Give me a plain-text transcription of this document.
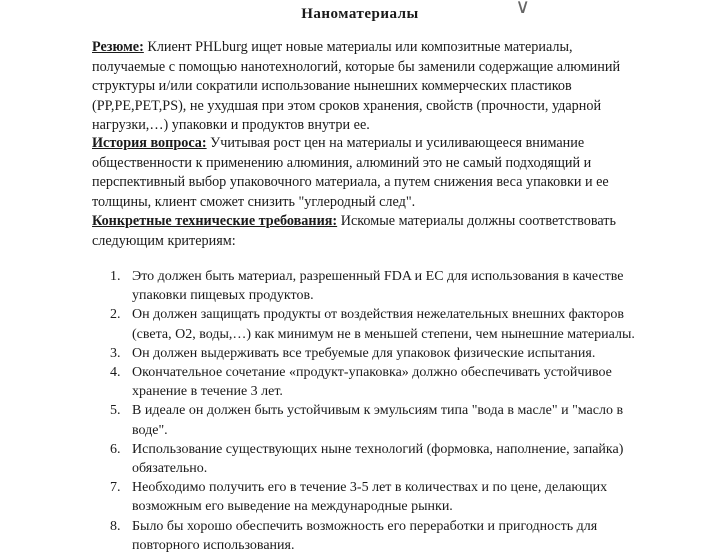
∨
Наноматериалы
Резюме: Клиент PHLburg ищет новые материалы или композитные материалы, получаемые с помощью нанотехнологий, которые бы заменили содержащие алюминий структуры и/или сократили использование нынешних коммерческих пластиков (PP,PE,PET,PS), не ухудшая при этом сроков хранения, свойств (прочности, ударной нагрузки,…) упаковки и продуктов внутри ее.
История вопроса: Учитывая рост цен на материалы и усиливающееся внимание общественности к применению алюминия, алюминий это не самый подходящий и перспективный выбор упаковочного материала, а путем снижения веса упаковки и ее толщины, клиент сможет снизить "углеродный след".
Конкретные технические требования: Искомые материалы должны соответствовать следующим критериям:
1. Это должен быть материал, разрешенный FDA и ЕС для использования в качестве упаковки пищевых продуктов.
2. Он должен защищать продукты от воздействия нежелательных внешних факторов (света, O2, воды,…) как минимум не в меньшей степени, чем нынешние материалы.
3. Он должен выдерживать все требуемые для упаковок физические испытания.
4. Окончательное сочетание «продукт-упаковка» должно обеспечивать устойчивое хранение в течение 3 лет.
5. В идеале он должен быть устойчивым к эмульсиям типа "вода в масле" и "масло в воде".
6. Использование существующих ныне технологий (формовка, наполнение, запайка) обязательно.
7. Необходимо получить его в течение 3-5 лет в количествах и по цене, делающих возможным его выведение на международные рынки.
8. Было бы хорошо обеспечить возможность его переработки и пригодность для повторного использования.
